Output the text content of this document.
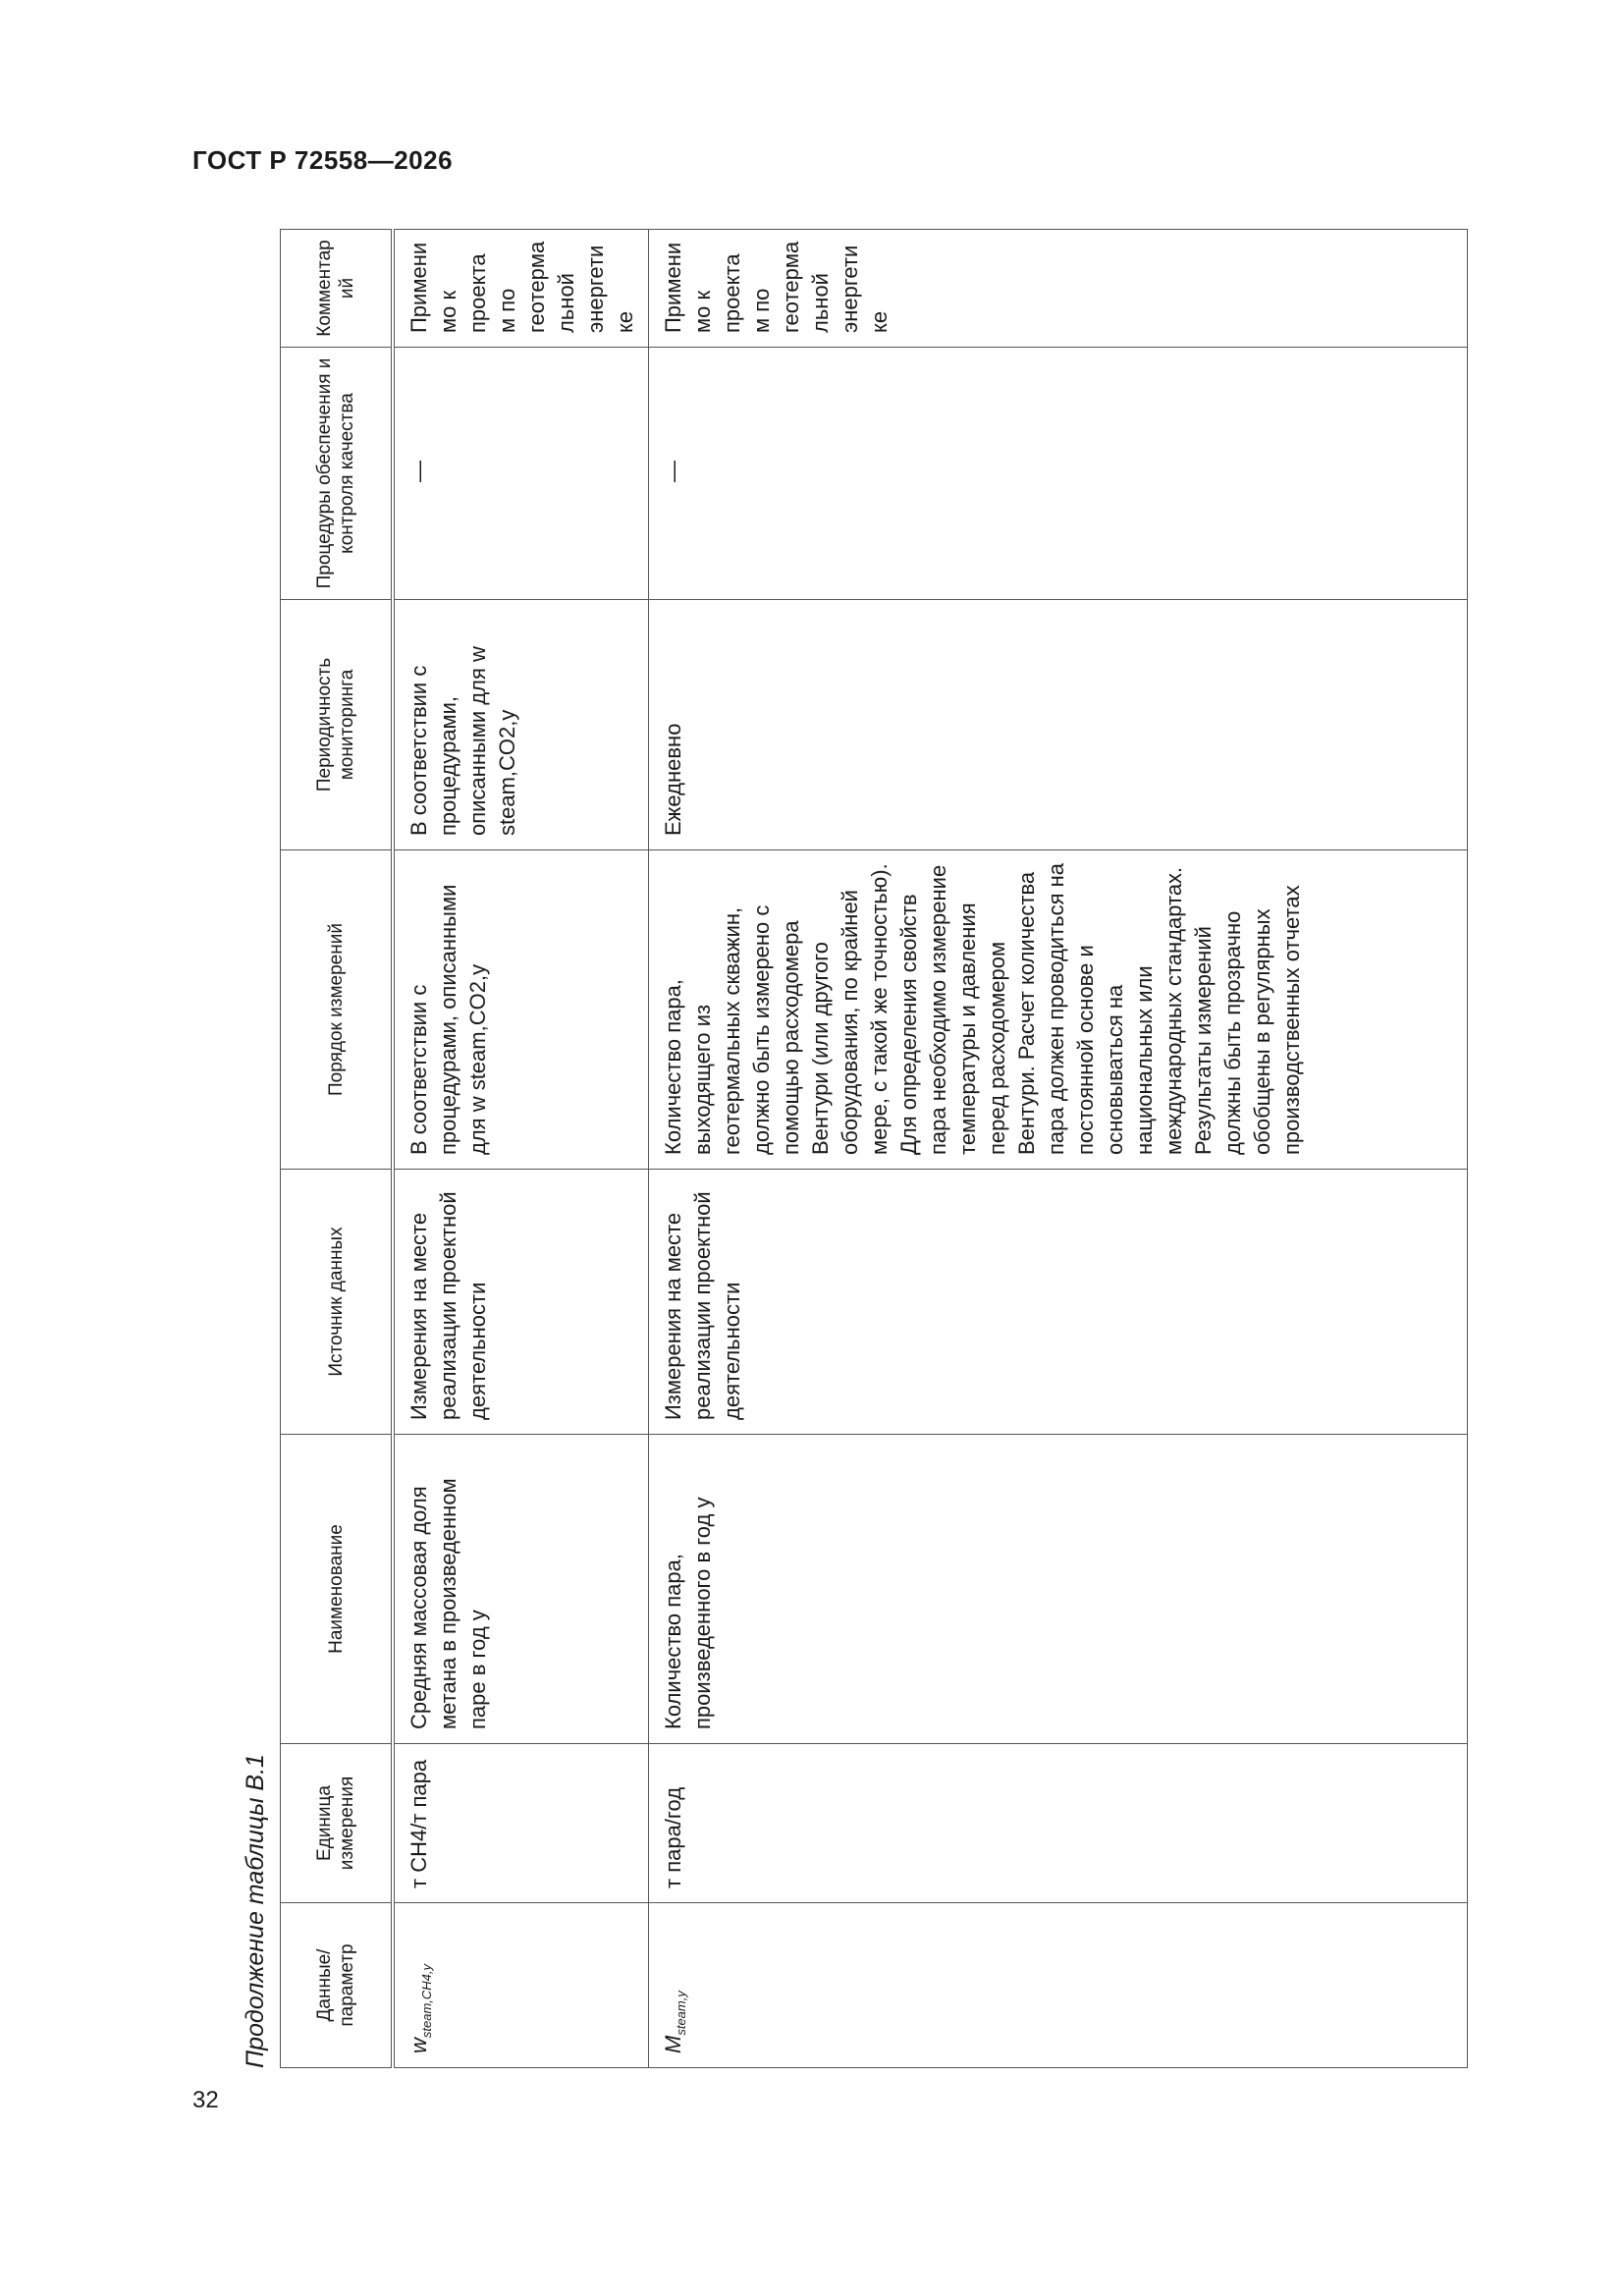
ГОСТ Р 72558—2026
Продолжение таблицы В.1	Данные/ параметр	Единица измерения	Наименование	Источник данных	Порядок измерений	Периодичность мониторинга	Процедуры обеспечения и контроля качества	Комментарий
$w_{steam,CH4,y}$	т CH4/т пара	Средняя массовая доля метана в произведенном паре в год y	Измерения на месте реализации проектной деятельности	В соответствии с процедурами, описанными для w steam,CO2,y	В соответствии с процедурами, описанными для w steam,CO2,y	—	Применимо к проектам по геотермальной энергетике
$M_{steam,y}$	т пара/год	Количество пара, произведенного в год y	Измерения на месте реализации проектной деятельности	Количество пара, выходящего из геотермальных скважин, должно быть измерено с помощью расходомера Вентури (или другого оборудования, по крайней мере, с такой же точностью). Для определения свойств пара необходимо измерение температуры и давления перед расходомером Вентури. Расчет количества пара должен проводиться на постоянной основе и основываться на национальных или международных стандартах. Результаты измерений должны быть прозрачно обобщены в регулярных производственных отчетах	Ежедневно	—	Применимо к проектам по геотермальной энергетике
32
